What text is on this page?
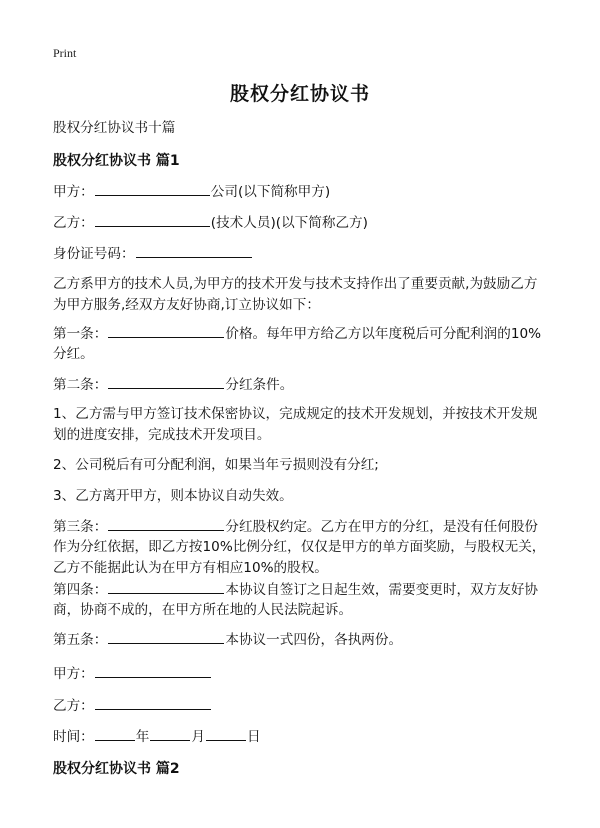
Print
股权分红协议书
股权分红协议书十篇
股权分红协议书 篇1
甲方：	公司(以下简称甲方)
乙方：	(技术人员)(以下简称乙方)
身份证号码：
乙方系甲方的技术人员,为甲方的技术开发与技术支持作出了重要贡献,为鼓励乙方
为甲方服务,经双方友好协商,订立协议如下：
第一条：	价格。每年甲方给乙方以年度税后可分配利润的10%
分红。
第二条：	分红条件。
1、乙方需与甲方签订技术保密协议，完成规定的技术开发规划，并按技术开发规
划的进度安排，完成技术开发项目。
2、公司税后有可分配利润，如果当年亏损则没有分红;
3、乙方离开甲方，则本协议自动失效。
第三条：	分红股权约定。乙方在甲方的分红，是没有任何股份
作为分红依据，即乙方按10%比例分红，仅仅是甲方的单方面奖励，与股权无关，
乙方不能据此认为在甲方有相应10%的股权。
第四条：	本协议自签订之日起生效，需要变更时，双方友好协
商，协商不成的，在甲方所在地的人民法院起诉。
第五条：	本协议一式四份，各执两份。
甲方：
乙方：
时间：	年	月	日
股权分红协议书 篇2
